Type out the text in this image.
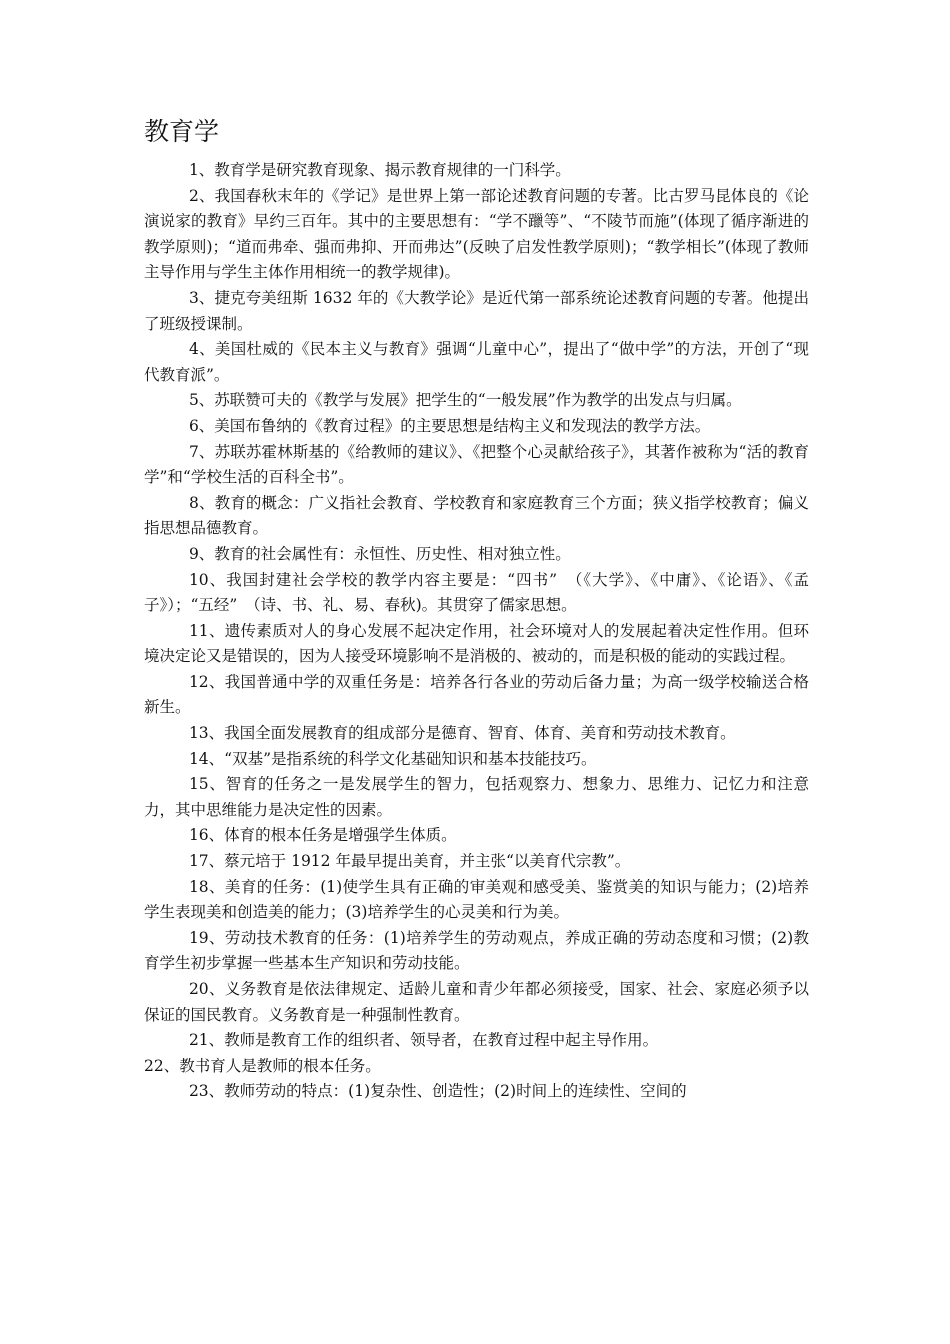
教育学

1、教育学是研究教育现象、揭示教育规律的一门科学。

2、我国春秋末年的《学记》是世界上第一部论述教育问题的专著。比古罗马昆体良的《论演说家的教育》早约三百年。其中的主要思想有：“学不躐等”、“不陵节而施”(体现了循序渐进的教学原则)；“道而弗牵、强而弗抑、开而弗达”(反映了启发性教学原则)；“教学相长”(体现了教师主导作用与学生主体作用相统一的教学规律)。

3、捷克夸美纽斯 1632 年的《大教学论》是近代第一部系统论述教育问题的专著。他提出了班级授课制。

4、美国杜威的《民本主义与教育》强调“儿童中心”，提出了“做中学”的方法，开创了“现代教育派”。

5、苏联赞可夫的《教学与发展》把学生的“一般发展”作为教学的出发点与归属。

6、美国布鲁纳的《教育过程》的主要思想是结构主义和发现法的教学方法。

7、苏联苏霍林斯基的《给教师的建议》、《把整个心灵献给孩子》，其著作被称为“活的教育学”和“学校生活的百科全书”。

8、教育的概念：广义指社会教育、学校教育和家庭教育三个方面；狭义指学校教育；偏义指思想品德教育。

9、教育的社会属性有：永恒性、历史性、相对独立性。

10、我国封建社会学校的教学内容主要是：“四书”　（《大学》、《中庸》、《论语》、《孟子》）；“五经”　（诗、书、礼、易、春秋)。其贯穿了儒家思想。

11、遗传素质对人的身心发展不起决定作用，社会环境对人的发展起着决定性作用。但环境决定论又是错误的，因为人接受环境影响不是消极的、被动的，而是积极的能动的实践过程。

12、我国普通中学的双重任务是：培养各行各业的劳动后备力量；为高一级学校输送合格新生。

13、我国全面发展教育的组成部分是德育、智育、体育、美育和劳动技术教育。

14、“双基”是指系统的科学文化基础知识和基本技能技巧。

15、智育的任务之一是发展学生的智力，包括观察力、想象力、思维力、记忆力和注意力，其中思维能力是决定性的因素。

16、体育的根本任务是增强学生体质。

17、蔡元培于 1912 年最早提出美育，并主张“以美育代宗教”。

18、美育的任务：(1)使学生具有正确的审美观和感受美、鉴赏美的知识与能力；(2)培养学生表现美和创造美的能力；(3)培养学生的心灵美和行为美。

19、劳动技术教育的任务：(1)培养学生的劳动观点，养成正确的劳动态度和习惯；(2)教育学生初步掌握一些基本生产知识和劳动技能。

20、义务教育是依法律规定、适龄儿童和青少年都必须接受，国家、社会、家庭必须予以保证的国民教育。义务教育是一种强制性教育。

21、教师是教育工作的组织者、领导者，在教育过程中起主导作用。

22、教书育人是教师的根本任务。

23、教师劳动的特点：(1)复杂性、创造性；(2)时间上的连续性、空间的
